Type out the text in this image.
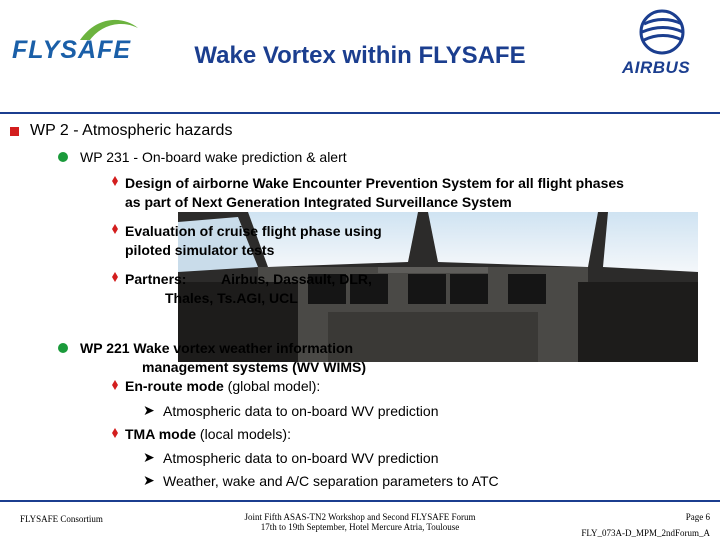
FLYSAFE	Wake Vortex within FLYSAFE	AIRBUS
WP 2 - Atmospheric hazards
WP 231 - On-board wake prediction & alert
Design of airborne Wake Encounter Prevention System for all flight phases
as part of Next Generation Integrated Surveillance System
Evaluation of cruise flight phase using
piloted simulator tests
Partners:         Airbus, Dassault, DLR,
Thales, Ts.AGI, UCL
WP 221 Wake vortex weather information
management systems (WV WIMS)
En-route mode (global model):
➤ Atmospheric data to on-board WV prediction
TMA mode (local models):
➤ Atmospheric data to on-board WV prediction
➤ Weather, wake and A/C separation parameters to ATC
FLYSAFE Consortium	Joint Fifth ASAS-TN2 Workshop and Second FLYSAFE Forum
17th to 19th September, Hotel Mercure Atria, Toulouse
Page 6
FLY_073A-D_MPM_2ndForum_A
